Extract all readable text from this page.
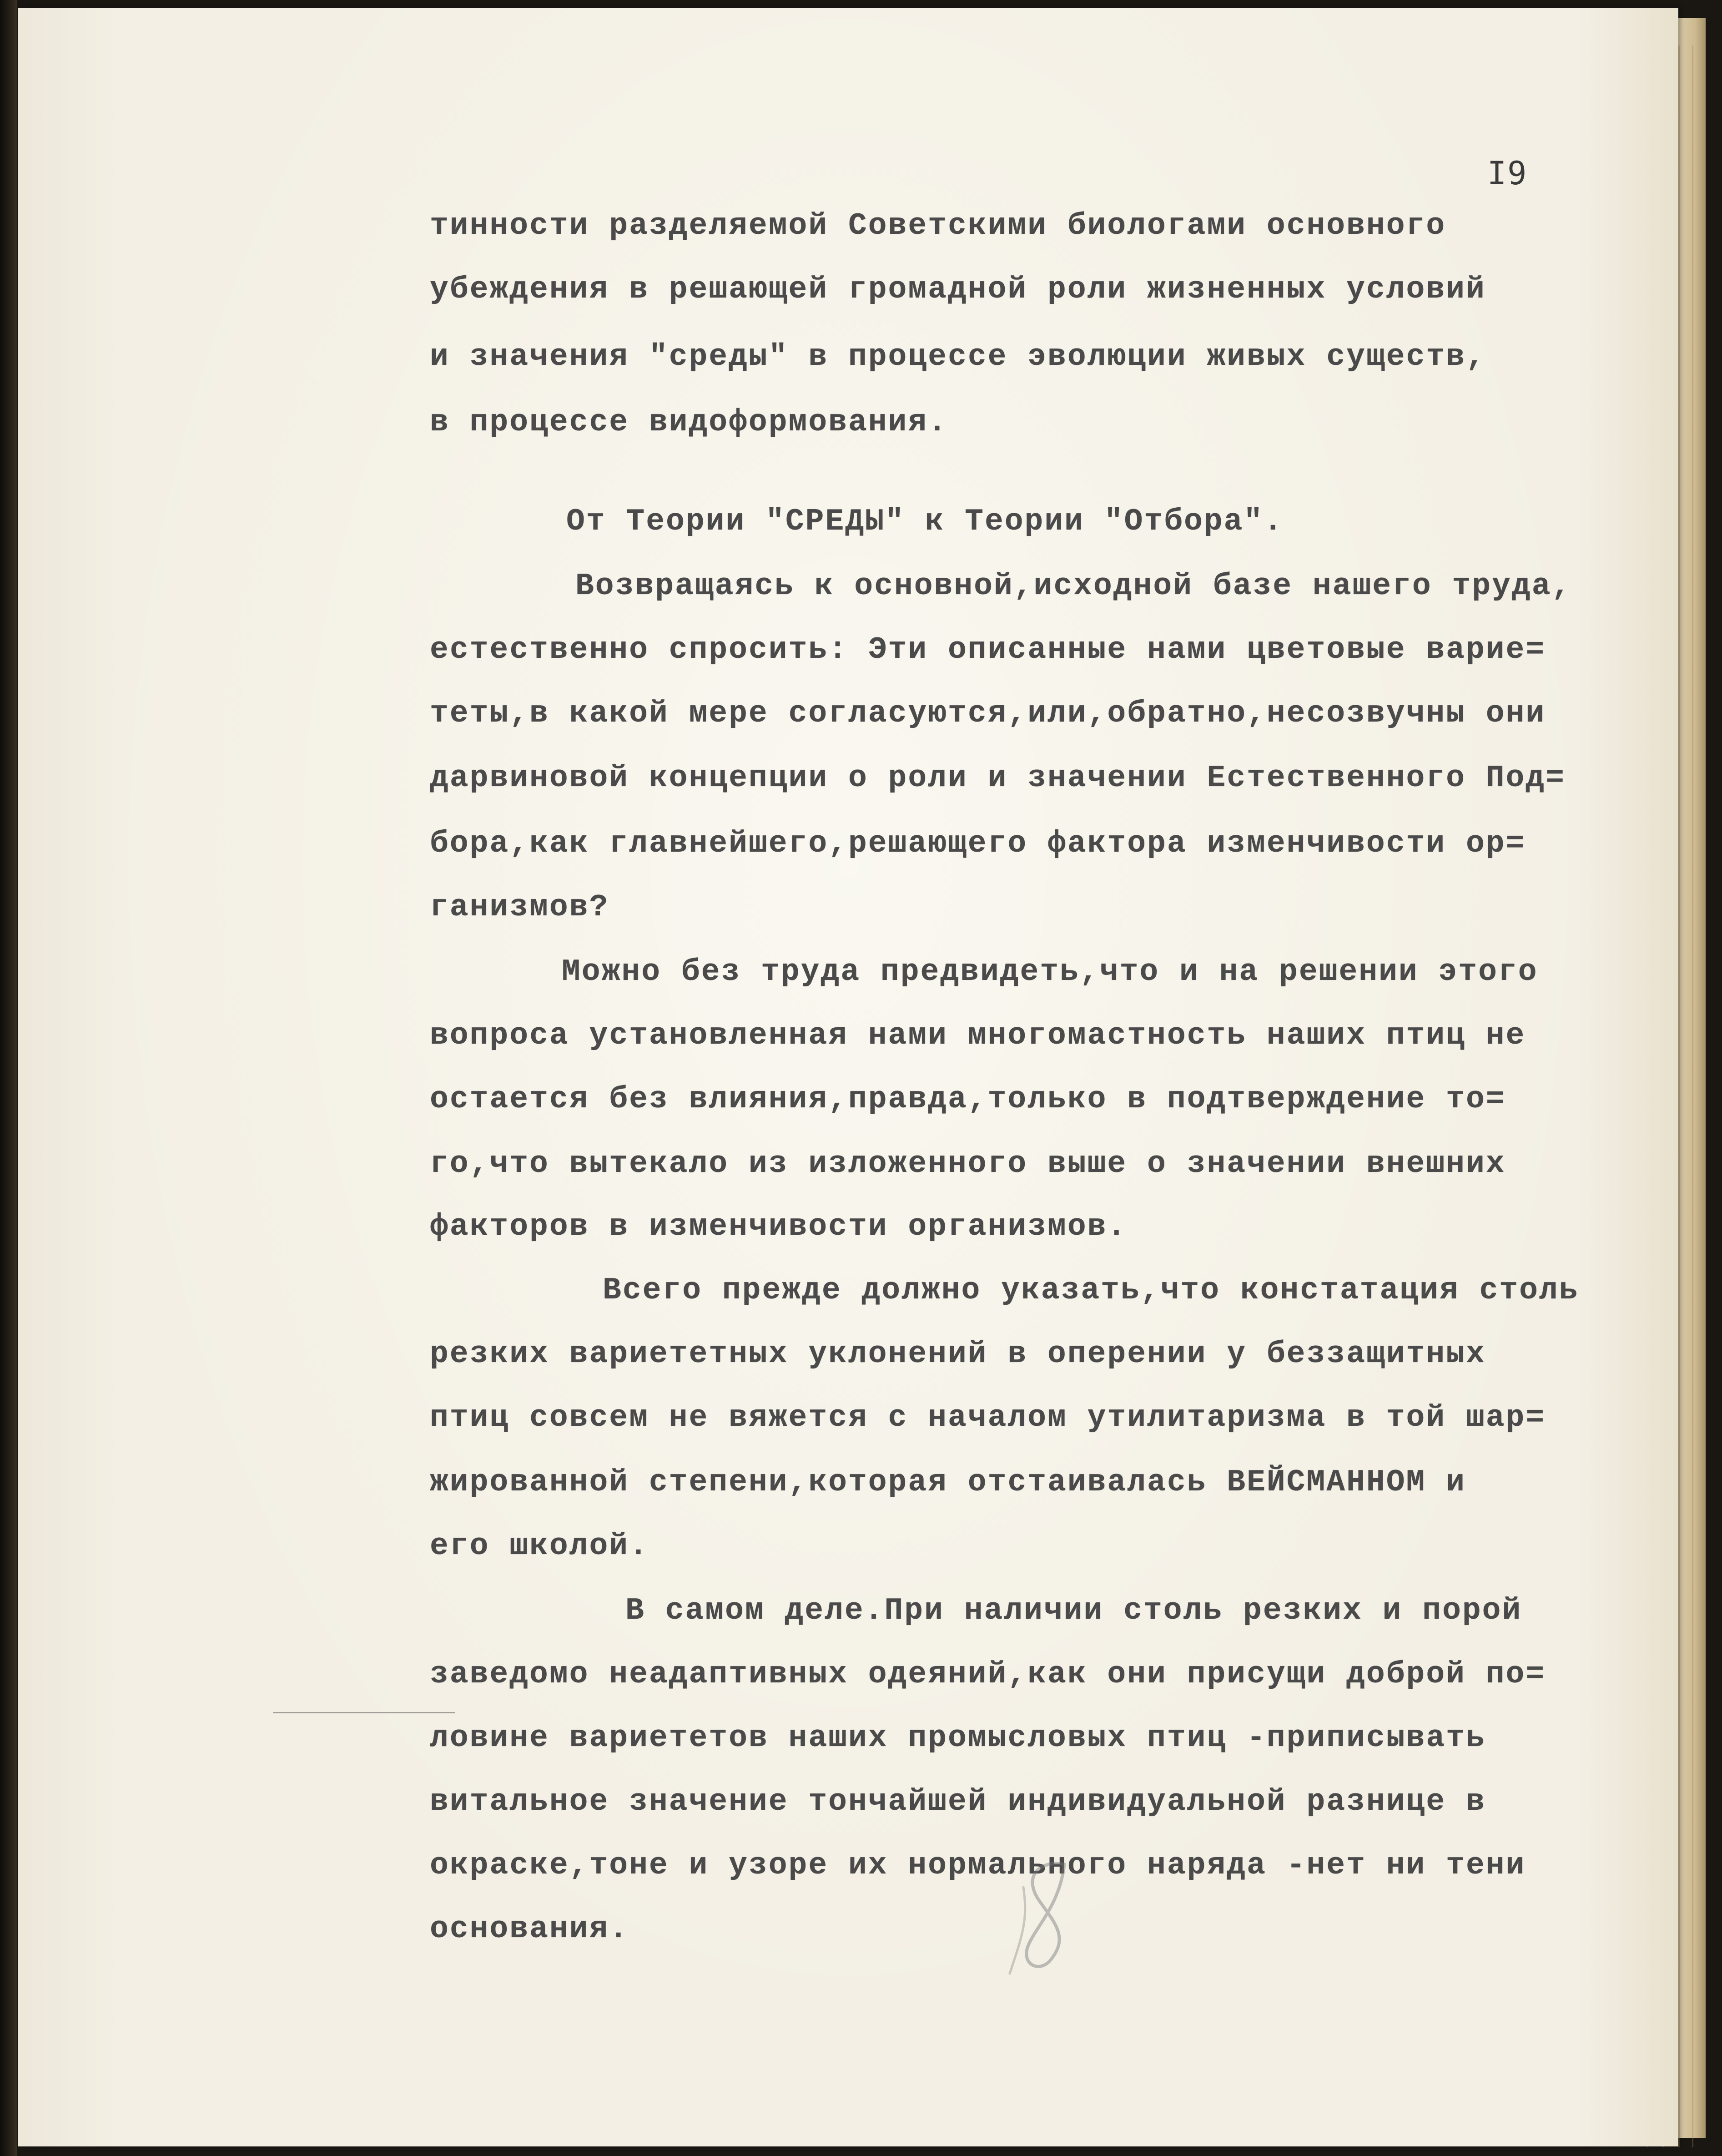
I9
тинности разделяемой Советскими биологами основного
убеждения в решающей громадной роли жизненных условий
и значения "среды" в процессе эволюции живых существ,
в процессе видоформования.
От Теории "СРЕДЫ" к Теории "Отбора".
Возвращаясь к основной,исходной базе нашего труда,
естественно спросить: Эти описанные нами цветовые варие=
теты,в какой мере согласуются,или,обратно,несозвучны они
дарвиновой концепции о роли и значении Естественного Под=
бора,как главнейшего,решающего фактора изменчивости ор=
ганизмов?
Можно без труда предвидеть,что и на решении этого
вопроса установленная нами многомастность наших птиц не
остается без влияния,правда,только в подтверждение то=
го,что вытекало из изложенного выше о значении внешних
факторов в изменчивости организмов.
Всего прежде должно указать,что констатация столь
резких вариететных уклонений в оперении у беззащитных
птиц совсем не вяжется с началом утилитаризма в той шар=
жированной степени,которая отстаивалась ВЕЙСМАННОМ и
его школой.
В самом деле.При наличии столь резких и порой
заведомо неадаптивных одеяний,как они присущи доброй по=
ловине вариететов наших промысловых птиц -приписывать
витальное значение тончайшей индивидуальной разнице в
окраске,тоне и узоре их нормального наряда -нет ни тени
основания.
